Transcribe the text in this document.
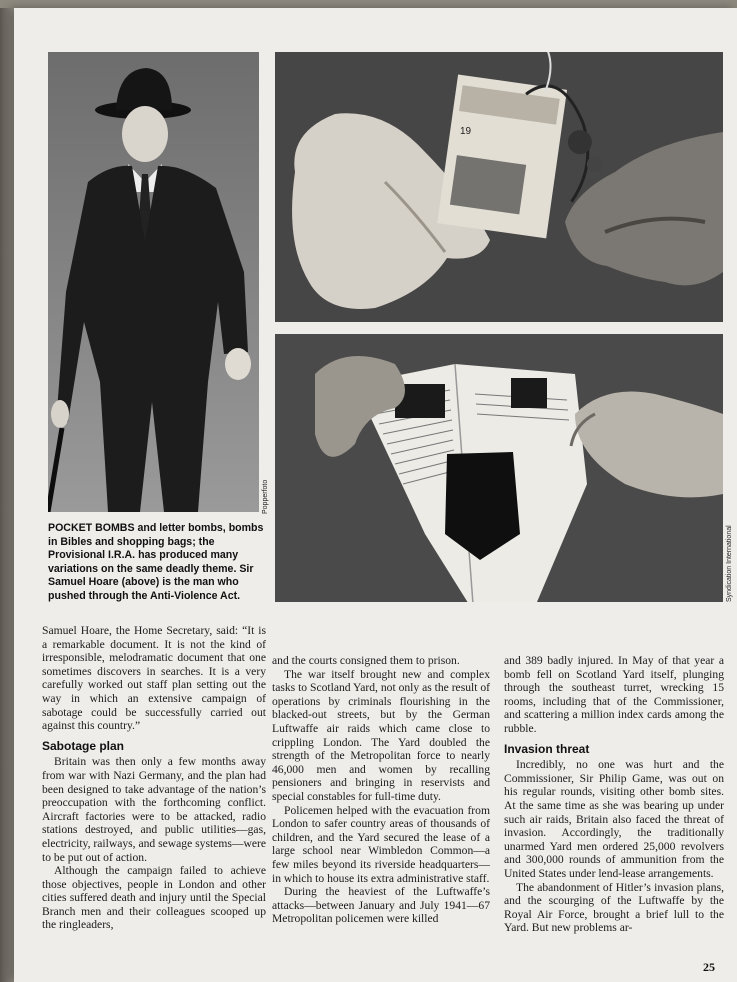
Popperfoto
19
Syndication International
POCKET BOMBS and letter bombs, bombs in Bibles and shopping bags; the Provisional I.R.A. has produced many variations on the same deadly theme. Sir Samuel Hoare (above) is the man who pushed through the Anti-Violence Act.

Samuel Hoare, the Home Secretary, said: “It is a remarkable document. It is not the kind of irresponsible, melodramatic document that one sometimes discovers in searches. It is a very carefully worked out staff plan setting out the way in which an extensive campaign of sabotage could be successfully carried out against this country.”

Sabotage plan

Britain was then only a few months away from war with Nazi Germany, and the plan had been designed to take advantage of the nation’s preoccupation with the forthcoming conflict. Aircraft factories were to be attacked, radio stations destroyed, and public utilities—gas, electricity, railways, and sewage systems—were to be put out of action.

Although the campaign failed to achieve those objectives, people in London and other cities suffered death and injury until the Special Branch men and their colleagues scooped up the ringleaders,

and the courts consigned them to prison.

The war itself brought new and complex tasks to Scotland Yard, not only as the result of operations by criminals flourishing in the blacked-out streets, but by the German Luftwaffe air raids which came close to crippling London. The Yard doubled the strength of the Metropolitan force to nearly 46,000 men and women by recalling pensioners and bringing in reservists and special constables for full-time duty.

Policemen helped with the evacuation from London to safer country areas of thousands of children, and the Yard secured the lease of a large school near Wimbledon Common—a few miles beyond its riverside headquarters—in which to house its extra administrative staff.

During the heaviest of the Luftwaffe’s attacks—between January and July 1941—67 Metropolitan policemen were killed

and 389 badly injured. In May of that year a bomb fell on Scotland Yard itself, plunging through the southeast turret, wrecking 15 rooms, including that of the Commissioner, and scattering a million index cards among the rubble.

Invasion threat

Incredibly, no one was hurt and the Commissioner, Sir Philip Game, was out on his regular rounds, visiting other bomb sites. At the same time as she was bearing up under such air raids, Britain also faced the threat of invasion. Accordingly, the traditionally unarmed Yard men ordered 25,000 revolvers and 300,000 rounds of ammunition from the United States under lend-lease arrangements.

The abandonment of Hitler’s invasion plans, and the scourging of the Luftwaffe by the Royal Air Force, brought a brief lull to the Yard. But new problems ar-

25
